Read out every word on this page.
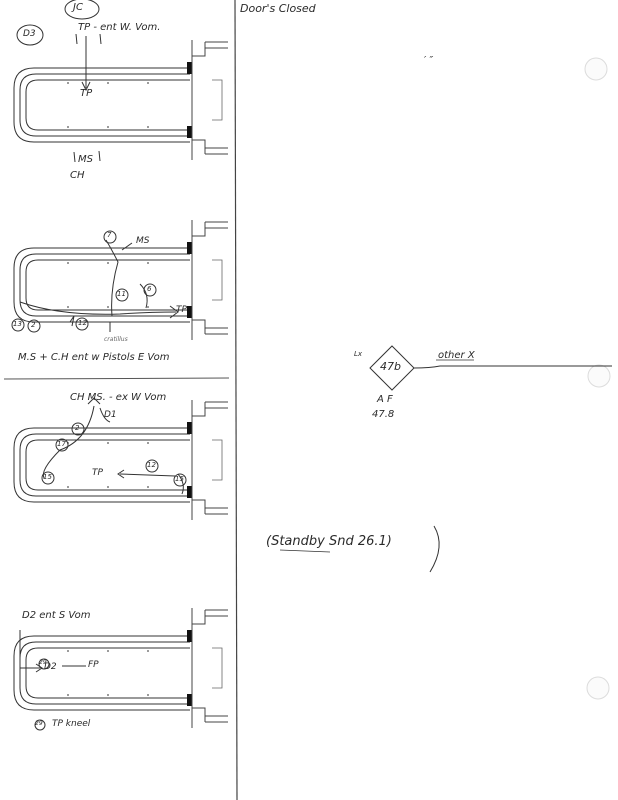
Door's Closed
′ ″
JC
D3
TP - ent W. Vom.
TP
MS
CH
MS
TP
7
11
6
13 2	12
cratillus
M.S + C.H ent w Pistols E Vom
CH MS. - ex W Vom
D1
TP
2
17
15
12
15
D2 ent S Vom
D2
29	FP
29 TP kneel
Lx
47b
other X
A F
47.8
(Standby Snd 26.1)
